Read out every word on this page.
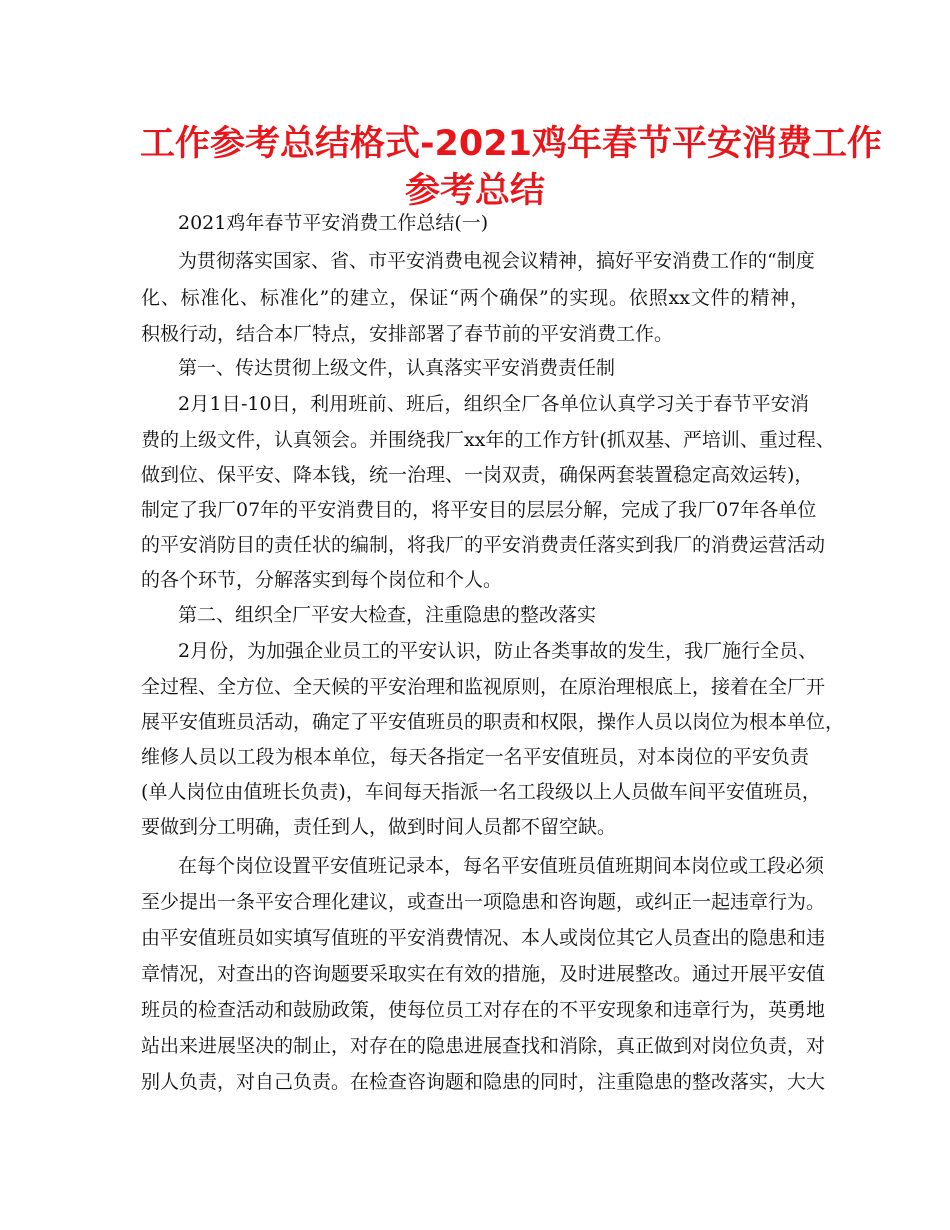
工作参考总结格式-2021鸡年春节平安消费工作
参考总结
2021鸡年春节平安消费工作总结(一)
为贯彻落实国家、省、市平安消费电视会议精神，搞好平安消费工作的“制度
化、标准化、标准化”的建立，保证“两个确保”的实现。依照xx文件的精神，
积极行动，结合本厂特点，安排部署了春节前的平安消费工作。
第一、传达贯彻上级文件，认真落实平安消费责任制
2月1日-10日，利用班前、班后，组织全厂各单位认真学习关于春节平安消
费的上级文件，认真领会。并围绕我厂xx年的工作方针(抓双基、严培训、重过程、
做到位、保平安、降本钱，统一治理、一岗双责，确保两套装置稳定高效运转)，
制定了我厂07年的平安消费目的，将平安目的层层分解，完成了我厂07年各单位
的平安消防目的责任状的编制，将我厂的平安消费责任落实到我厂的消费运营活动
的各个环节，分解落实到每个岗位和个人。
第二、组织全厂平安大检查，注重隐患的整改落实
2月份，为加强企业员工的平安认识，防止各类事故的发生，我厂施行全员、
全过程、全方位、全天候的平安治理和监视原则，在原治理根底上，接着在全厂开
展平安值班员活动，确定了平安值班员的职责和权限，操作人员以岗位为根本单位，
维修人员以工段为根本单位，每天各指定一名平安值班员，对本岗位的平安负责
(单人岗位由值班长负责)，车间每天指派一名工段级以上人员做车间平安值班员，
要做到分工明确，责任到人，做到时间人员都不留空缺。
在每个岗位设置平安值班记录本，每名平安值班员值班期间本岗位或工段必须
至少提出一条平安合理化建议，或查出一项隐患和咨询题，或纠正一起违章行为。
由平安值班员如实填写值班的平安消费情况、本人或岗位其它人员查出的隐患和违
章情况，对查出的咨询题要采取实在有效的措施，及时进展整改。通过开展平安值
班员的检查活动和鼓励政策，使每位员工对存在的不平安现象和违章行为，英勇地
站出来进展坚决的制止，对存在的隐患进展查找和消除，真正做到对岗位负责，对
别人负责，对自己负责。在检查咨询题和隐患的同时，注重隐患的整改落实，大大
